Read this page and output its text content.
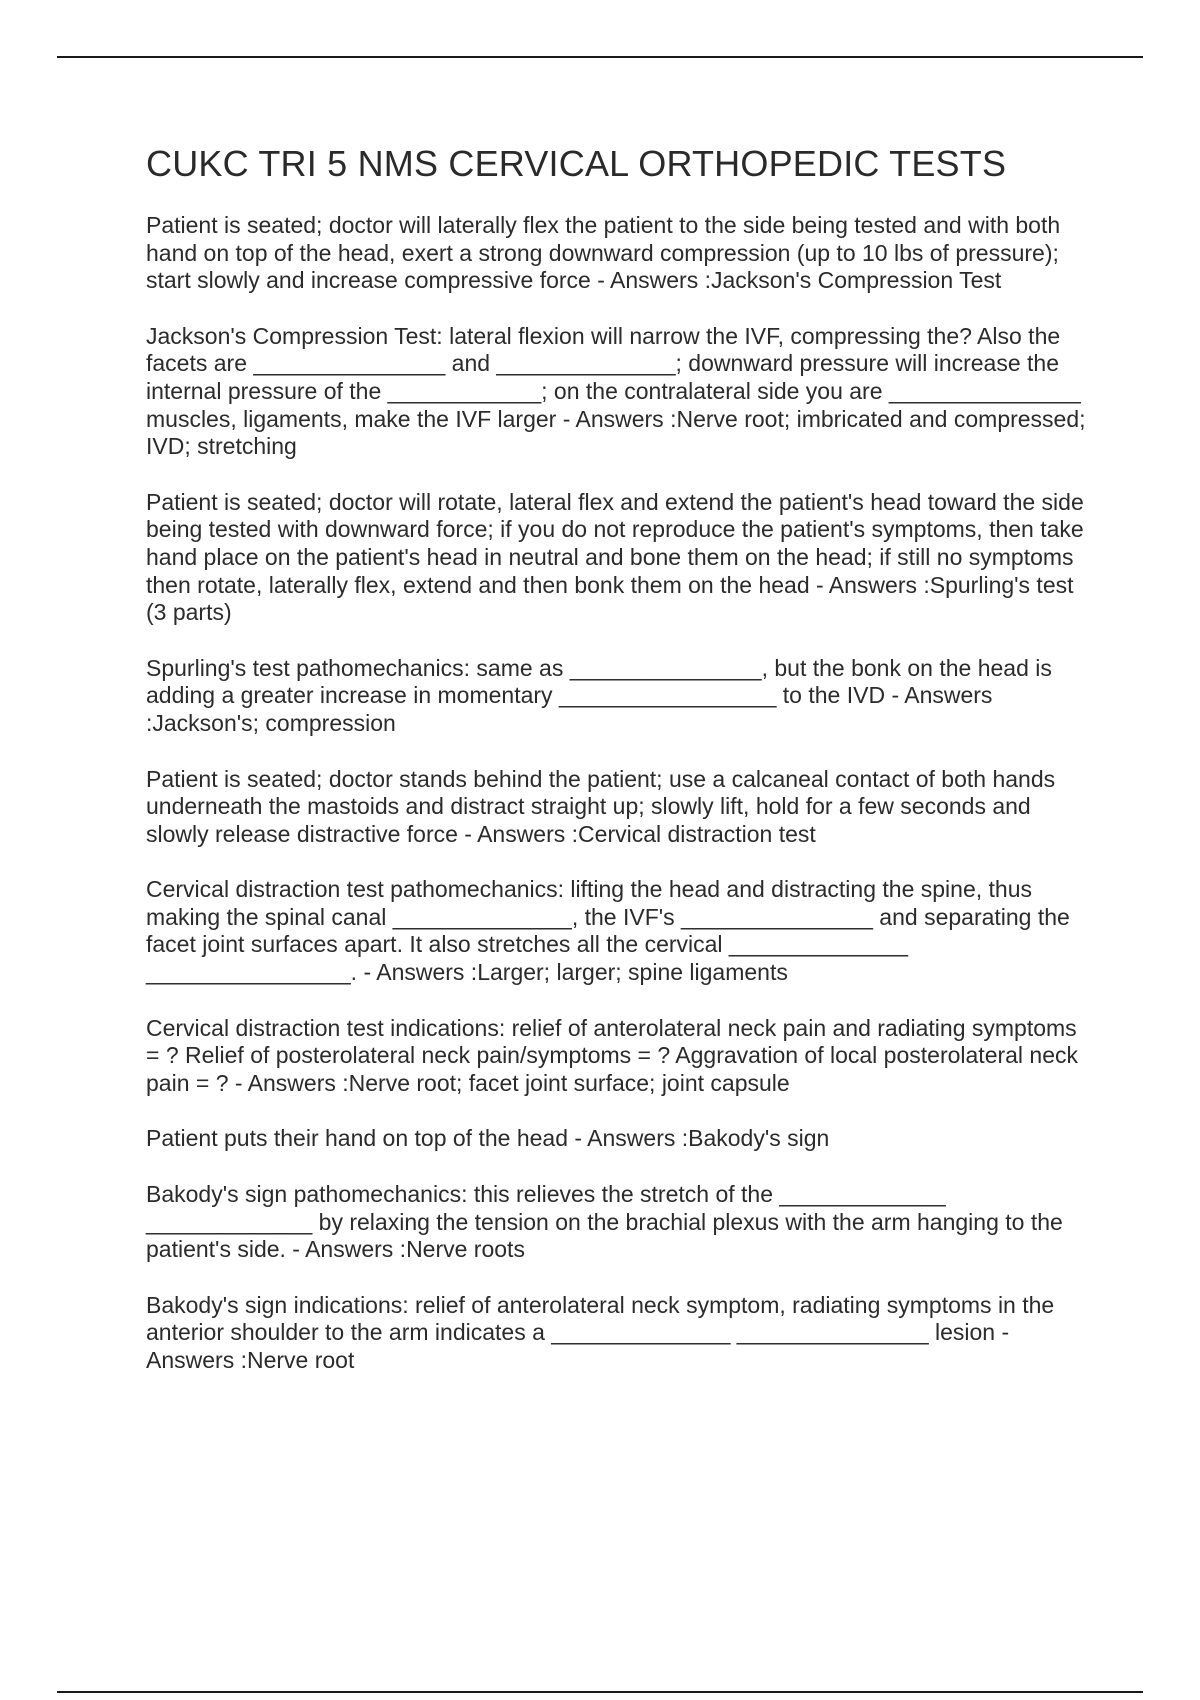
CUKC TRI 5 NMS CERVICAL ORTHOPEDIC TESTS
Patient is seated; doctor will laterally flex the patient to the side being tested and with both hand on top of the head, exert a strong downward compression (up to 10 lbs of pressure); start slowly and increase compressive force - Answers :Jackson's Compression Test
Jackson's Compression Test: lateral flexion will narrow the IVF, compressing the? Also the facets are _______________ and ______________; downward pressure will increase the internal pressure of the ____________; on the contralateral side you are _______________ muscles, ligaments, make the IVF larger - Answers :Nerve root; imbricated and compressed; IVD; stretching
Patient is seated; doctor will rotate, lateral flex and extend the patient's head toward the side being tested with downward force; if you do not reproduce the patient's symptoms, then take hand place on the patient's head in neutral and bone them on the head; if still no symptoms then rotate, laterally flex, extend and then bonk them on the head - Answers :Spurling's test (3 parts)
Spurling's test pathomechanics: same as _______________, but the bonk on the head is adding a greater increase in momentary _________________ to the IVD - Answers :Jackson's; compression
Patient is seated; doctor stands behind the patient; use a calcaneal contact of both hands underneath the mastoids and distract straight up; slowly lift, hold for a few seconds and slowly release distractive force - Answers :Cervical distraction test
Cervical distraction test pathomechanics: lifting the head and distracting the spine, thus making the spinal canal ______________, the IVF's _______________ and separating the facet joint surfaces apart. It also stretches all the cervical ______________ ________________. - Answers :Larger; larger; spine ligaments
Cervical distraction test indications: relief of anterolateral neck pain and radiating symptoms = ? Relief of posterolateral neck pain/symptoms = ? Aggravation of local posterolateral neck pain = ? - Answers :Nerve root; facet joint surface; joint capsule
Patient puts their hand on top of the head - Answers :Bakody's sign
Bakody's sign pathomechanics: this relieves the stretch of the _____________ _____________ by relaxing the tension on the brachial plexus with the arm hanging to the patient's side. - Answers :Nerve roots
Bakody's sign indications: relief of anterolateral neck symptom, radiating symptoms in the anterior shoulder to the arm indicates a ______________ _______________ lesion - Answers :Nerve root
